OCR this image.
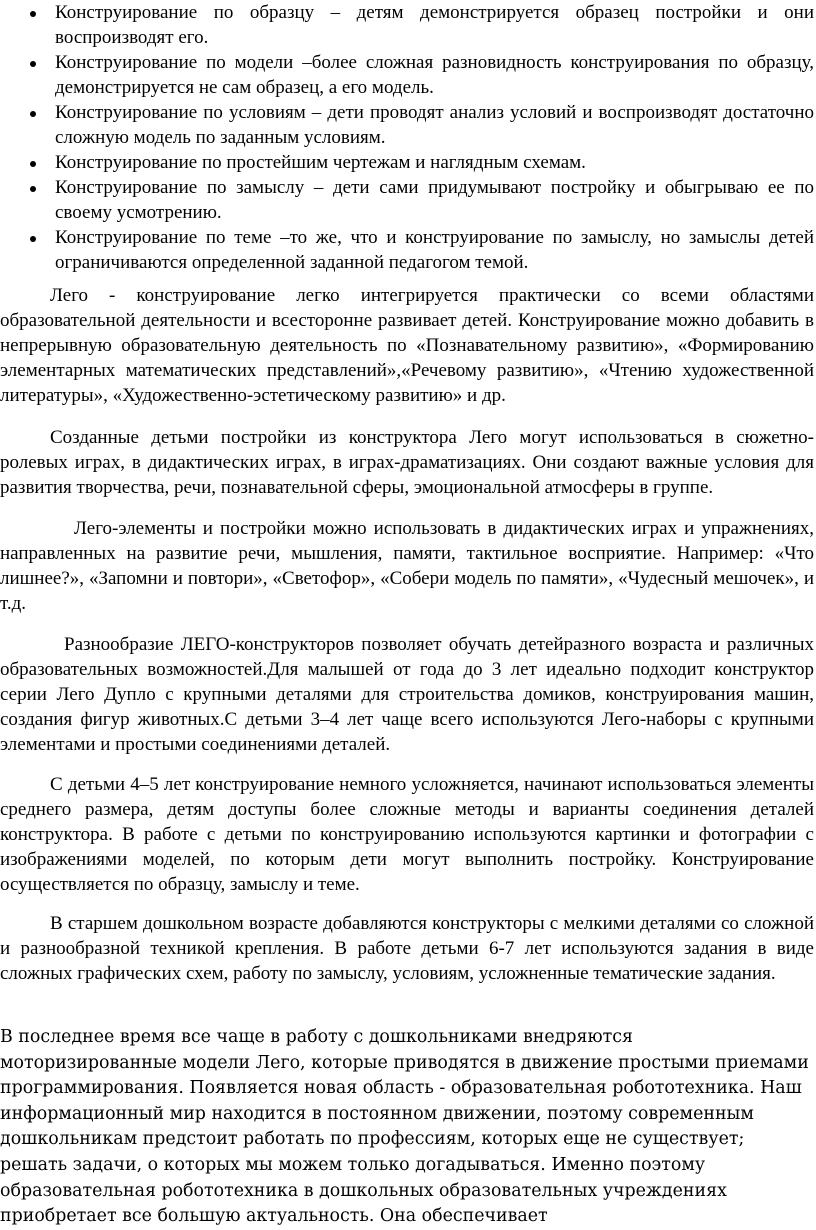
Конструирование по образцу – детям демонстрируется образец постройки и они воспроизводят его.
Конструирование по модели –более сложная разновидность конструирования по образцу, демонстрируется не сам образец, а его модель.
Конструирование по условиям – дети проводят анализ условий и воспроизводят достаточно сложную модель по заданным условиям.
Конструирование по простейшим чертежам и наглядным схемам.
Конструирование по замыслу – дети сами придумывают постройку и обыгрываю ее по своему усмотрению.
Конструирование по теме –то же, что и конструирование по замыслу, но замыслы детей ограничиваются определенной заданной педагогом темой.

Лего - конструирование легко интегрируется практически со всеми областями образовательной деятельности и всесторонне развивает детей. Конструирование можно добавить в непрерывную образовательную деятельность по «Познавательному развитию», «Формированию элементарных математических представлений»,«Речевому развитию», «Чтению художественной литературы», «Художественно-эстетическому развитию» и др.

Созданные детьми постройки из конструктора Лего могут использоваться в сюжетно-ролевых играх, в дидактических играх, в играх-драматизациях. Они создают важные условия для развития творчества, речи, познавательной сферы, эмоциональной атмосферы в группе.

Лего-элементы и постройки можно использовать в дидактических играх и упражнениях, направленных на развитие речи, мышления, памяти, тактильное восприятие. Например: «Что лишнее?», «Запомни и повтори», «Светофор», «Собери модель по памяти», «Чудесный мешочек», и т.д.

Разнообразие ЛЕГО-конструкторов позволяет обучать детейразного возраста и различных образовательных возможностей.Для малышей от года до 3 лет идеально подходит конструктор серии Лего Дупло с крупными деталями для строительства домиков, конструирования машин, создания фигур животных.С детьми 3–4 лет чаще всего используются Лего-наборы с крупными элементами и простыми соединениями деталей.

С детьми 4–5 лет конструирование немного усложняется, начинают использоваться элементы среднего размера, детям доступы более сложные методы и варианты соединения деталей конструктора. В работе с детьми по конструированию используются картинки и фотографии с изображениями моделей, по которым дети могут выполнить постройку. Конструирование осуществляется по образцу, замыслу и теме.

В старшем дошкольном возрасте добавляются конструкторы с мелкими деталями со сложной и разнообразной техникой крепления. В работе детьми 6-7 лет используются задания в виде сложных графических схем, работу по замыслу, условиям, усложненные тематические задания.

В последнее время все чаще в работу с дошкольниками внедряются моторизированные модели Лего, которые приводятся в движение простыми приемами программирования. Появляется новая область - образовательная робототехника. Наш информационный мир находится в постоянном движении, поэтому современным дошкольникам предстоит работать по профессиям, которых еще не существует; решать задачи, о которых мы можем только догадываться. Именно поэтому образовательная робототехника в дошкольных образовательных учреждениях приобретает все большую актуальность. Она обеспечивает
